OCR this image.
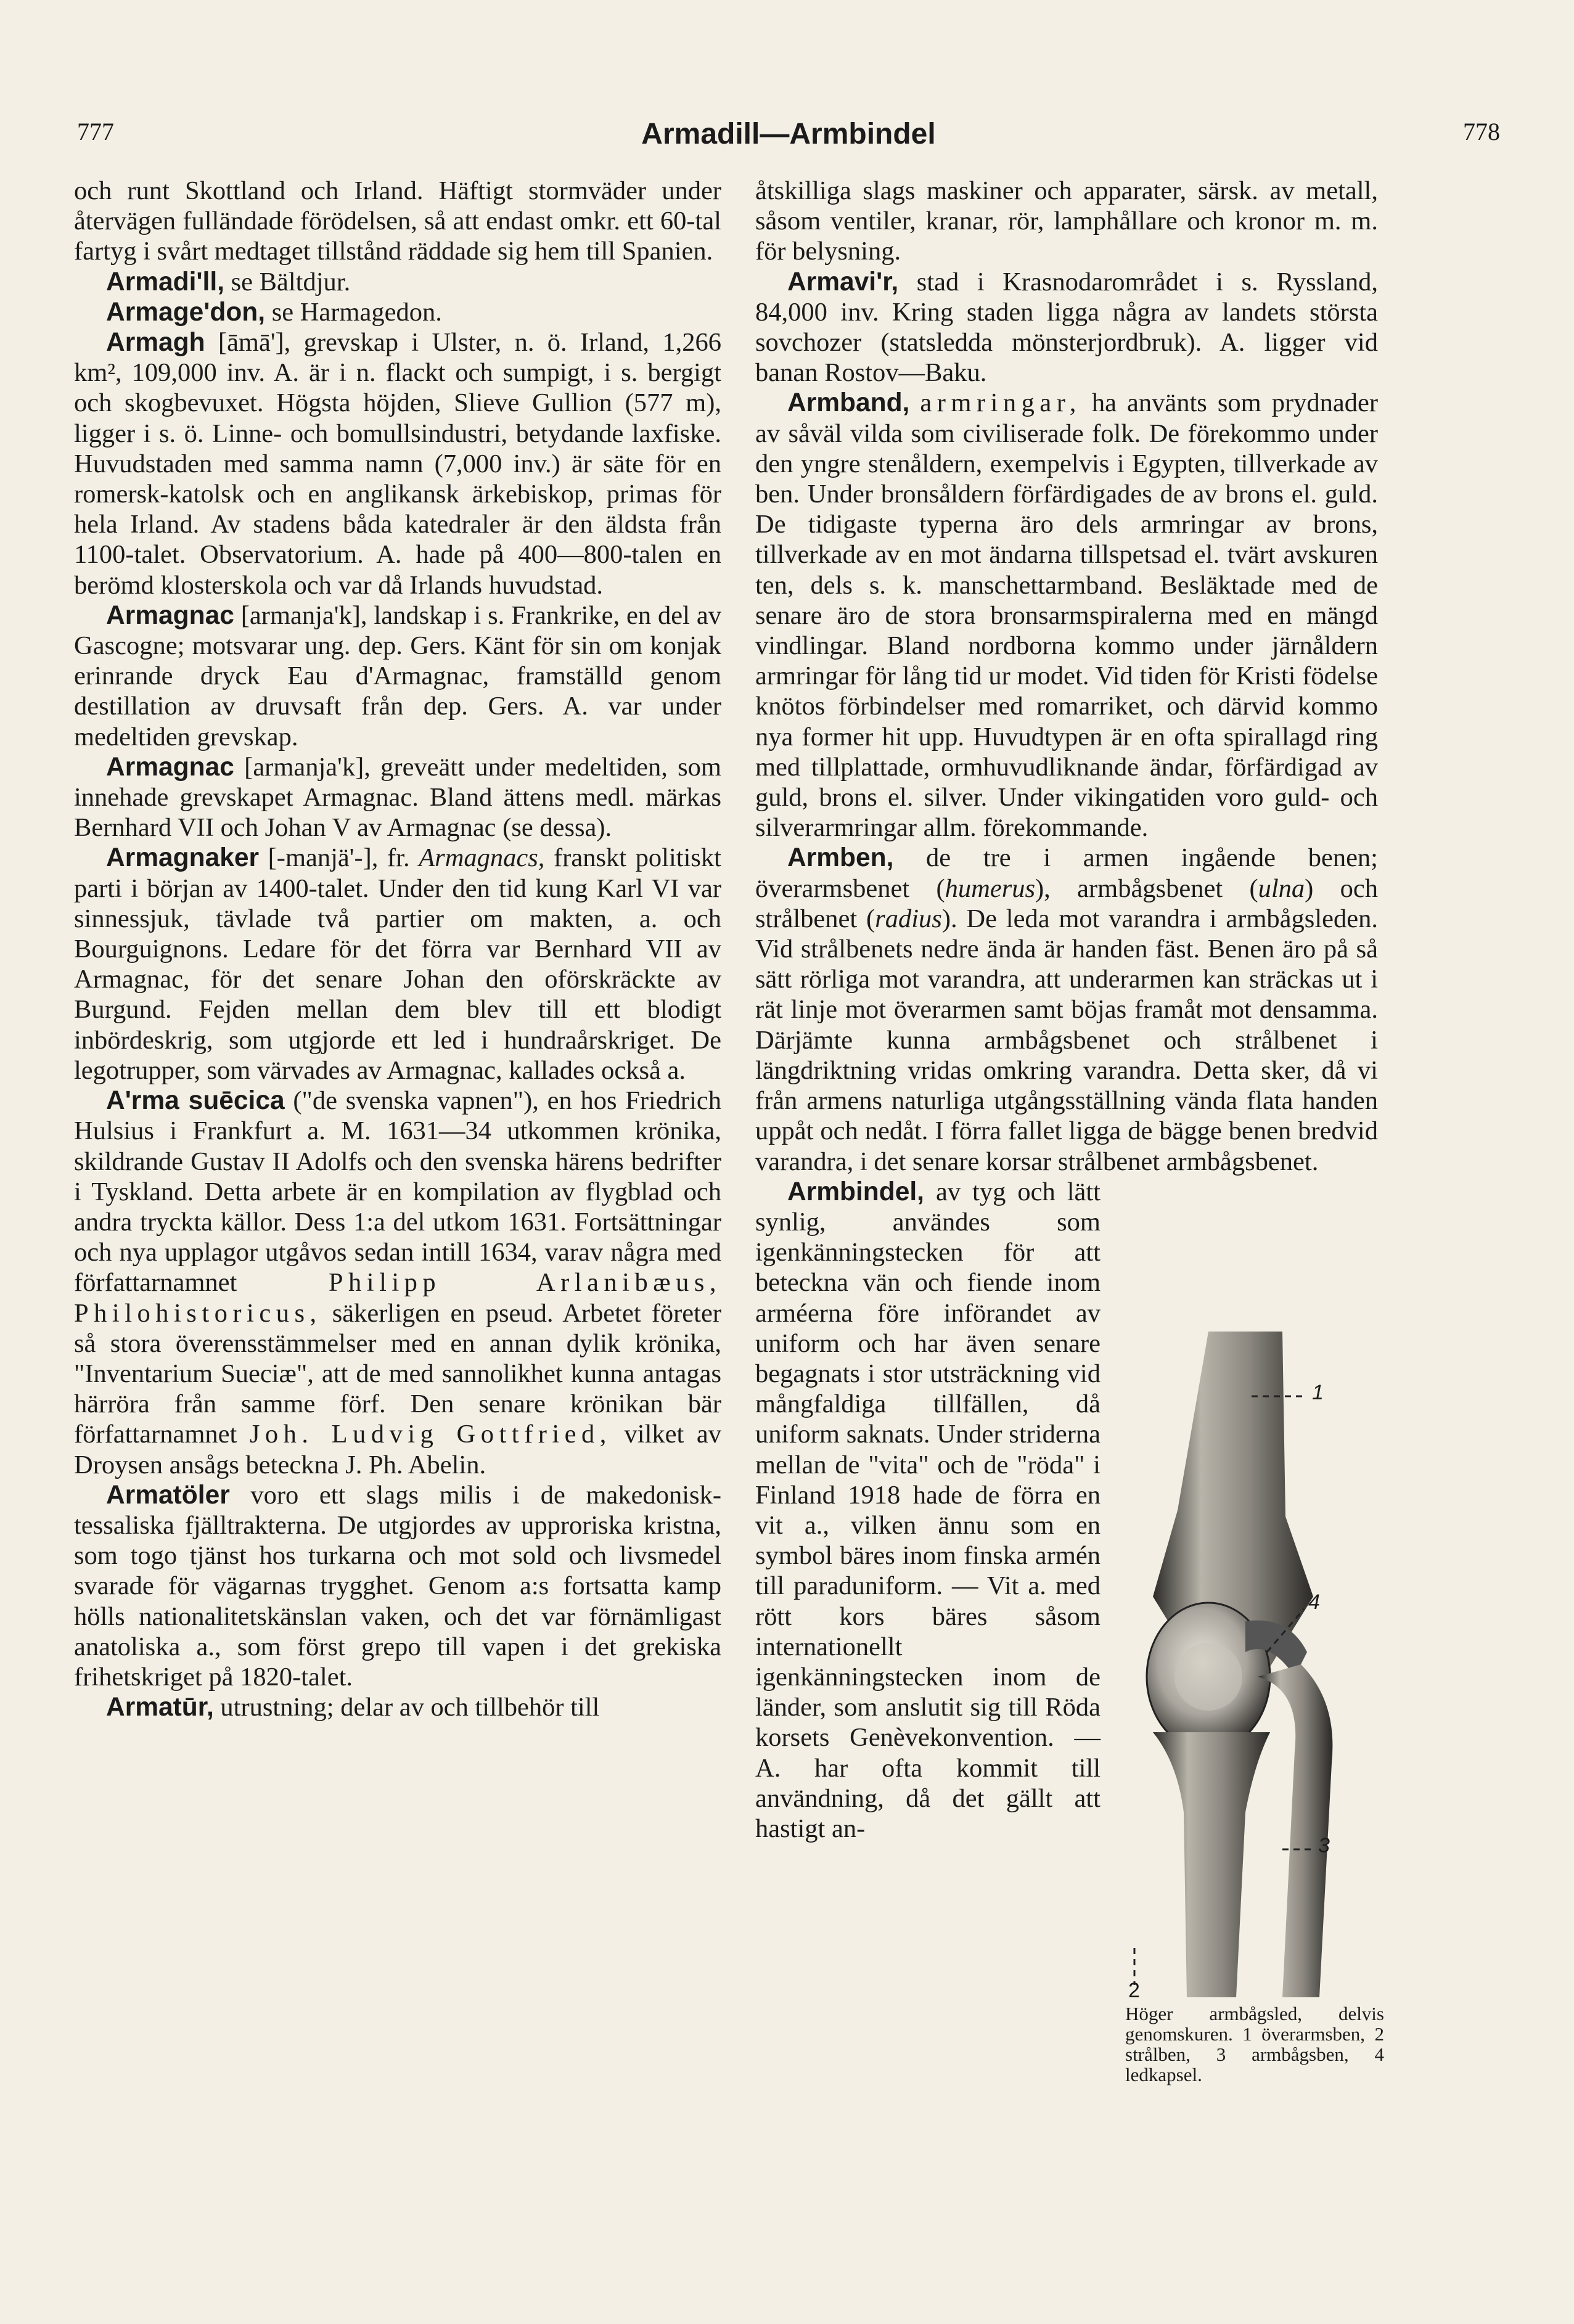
777	Armadill—Armbindel	778

och runt Skottland och Irland. Häftigt stormväder under återvägen fulländade förödelsen, så att endast omkr. ett 60-tal fartyg i svårt medtaget tillstånd räddade sig hem till Spanien.

Armadi'll, se Bältdjur.

Armage'don, se Harmagedon.

Armagh [āmā'], grevskap i Ulster, n. ö. Irland, 1,266 km², 109,000 inv. A. är i n. flackt och sumpigt, i s. bergigt och skogbevuxet. Högsta höjden, Slieve Gullion (577 m), ligger i s. ö. Linne- och bomullsindustri, betydande laxfiske. Huvudstaden med samma namn (7,000 inv.) är säte för en romersk-katolsk och en anglikansk ärkebiskop, primas för hela Irland. Av stadens båda katedraler är den äldsta från 1100-talet. Observatorium. A. hade på 400—800-talen en berömd klosterskola och var då Irlands huvudstad.

Armagnac [armanja'k], landskap i s. Frankrike, en del av Gascogne; motsvarar ung. dep. Gers. Känt för sin om konjak erinrande dryck Eau d'Armagnac, framställd genom destillation av druvsaft från dep. Gers. A. var under medeltiden grevskap.

Armagnac [armanja'k], greveätt under medeltiden, som innehade grevskapet Armagnac. Bland ättens medl. märkas Bernhard VII och Johan V av Armagnac (se dessa).

Armagnaker [-manjä'-], fr. Armagnacs, franskt politiskt parti i början av 1400-talet. Under den tid kung Karl VI var sinnessjuk, tävlade två partier om makten, a. och Bourguignons. Ledare för det förra var Bernhard VII av Armagnac, för det senare Johan den oförskräckte av Burgund. Fejden mellan dem blev till ett blodigt inbördeskrig, som utgjorde ett led i hundraårskriget. De legotrupper, som värvades av Armagnac, kallades också a.

A'rma suēcica ("de svenska vapnen"), en hos Friedrich Hulsius i Frankfurt a. M. 1631—34 utkommen krönika, skildrande Gustav II Adolfs och den svenska härens bedrifter i Tyskland. Detta arbete är en kompilation av flygblad och andra tryckta källor. Dess 1:a del utkom 1631. Fortsättningar och nya upplagor utgåvos sedan intill 1634, varav några med författarnamnet Philipp Arlanibæus, Philohistoricus, säkerligen en pseud. Arbetet företer så stora överensstämmelser med en annan dylik krönika, "Inventarium Sueciæ", att de med sannolikhet kunna antagas härröra från samme förf. Den senare krönikan bär författarnamnet Joh. Ludvig Gottfried, vilket av Droysen ansågs beteckna J. Ph. Abelin.

Armatöler voro ett slags milis i de makedonisk-tessaliska fjälltrakterna. De utgjordes av upproriska kristna, som togo tjänst hos turkarna och mot sold och livsmedel svarade för vägarnas trygghet. Genom a:s fortsatta kamp hölls nationalitetskänslan vaken, och det var förnämligast anatoliska a., som först grepo till vapen i det grekiska frihetskriget på 1820-talet.

Armatūr, utrustning; delar av och tillbehör till

åtskilliga slags maskiner och apparater, särsk. av metall, såsom ventiler, kranar, rör, lamphållare och kronor m. m. för belysning.

Armavi'r, stad i Krasnodarområdet i s. Ryssland, 84,000 inv. Kring staden ligga några av landets största sovchozer (statsledda mönsterjordbruk). A. ligger vid banan Rostov—Baku.

Armband, armringar, ha använts som prydnader av såväl vilda som civiliserade folk. De förekommo under den yngre stenåldern, exempelvis i Egypten, tillverkade av ben. Under bronsåldern förfärdigades de av brons el. guld. De tidigaste typerna äro dels armringar av brons, tillverkade av en mot ändarna tillspetsad el. tvärt avskuren ten, dels s. k. manschettarmband. Besläktade med de senare äro de stora bronsarmspiralerna med en mängd vindlingar. Bland nordborna kommo under järnåldern armringar för lång tid ur modet. Vid tiden för Kristi födelse knötos förbindelser med romarriket, och därvid kommo nya former hit upp. Huvudtypen är en ofta spirallagd ring med tillplattade, ormhuvudliknande ändar, förfärdigad av guld, brons el. silver. Under vikingatiden voro guld- och silverarmringar allm. förekommande.

Armben, de tre i armen ingående benen; överarmsbenet (humerus), armbågsbenet (ulna) och strålbenet (radius). De leda mot varandra i armbågsleden. Vid strålbenets nedre ända är handen fäst. Benen äro på så sätt rörliga mot varandra, att underarmen kan sträckas ut i rät linje mot överarmen samt böjas framåt mot densamma. Därjämte kunna armbågsbenet och strålbenet i längdriktning vridas omkring varandra. Detta sker, då vi från armens naturliga utgångsställning vända flata handen uppåt och nedåt. I förra fallet ligga de bägge benen bredvid varandra, i det senare korsar strålbenet armbågsbenet.

Armbindel, av tyg och lätt synlig, användes som igenkänningstecken för att beteckna vän och fiende inom arméerna före införandet av uniform och har även senare begagnats i stor utsträckning vid mångfaldiga tillfällen, då uniform saknats. Under striderna mellan de "vita" och de "röda" i Finland 1918 hade de förra en vit a., vilken ännu som en symbol bäres inom finska armén till paraduniform. — Vit a. med rött kors bäres såsom internationellt igenkänningstecken inom de länder, som anslutit sig till Röda korsets Genèvekonvention. — A. har ofta kommit till användning, då det gällt att hastigt an-

1
4
3
2
Höger armbågsled, delvis genomskuren. 1 överarmsben, 2 strålben, 3 armbågsben, 4 ledkapsel.
